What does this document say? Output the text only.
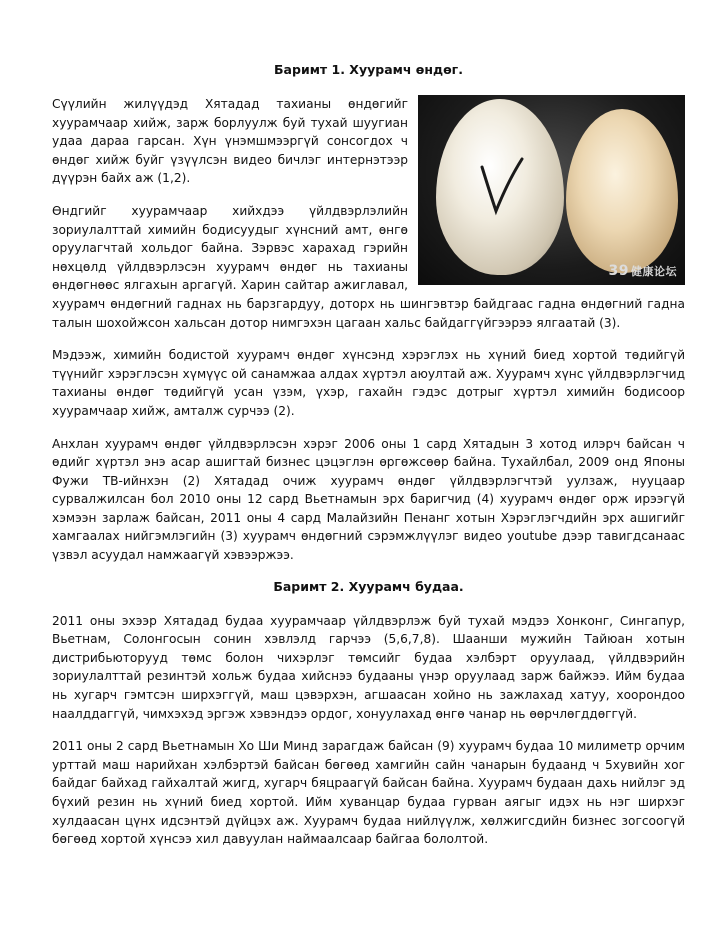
Баримт 1. Хуурамч өндөг.
39 健康论坛

Сүүлийн жилүүдэд Хятадад тахианы өндөгийг хуурамчаар хийж, зарж борлуулж буй тухай шуугиан удаа дараа гарсан. Хүн үнэмшмээргүй сонсогдох ч өндөг хийж буйг үзүүлсэн видео бичлэг интернэтээр дүүрэн байх аж (1,2).

Өндгийг хуурамчаар хийхдээ үйлдвэрлэлийн зориулалттай химийн бодисуудыг хүнсний амт, өнгө оруулагчтай хольдог байна. Зэрвэс харахад гэрийн нөхцөлд үйлдвэрлэсэн хуурамч өндөг нь тахианы өндөгнөөс ялгахын аргагүй. Харин сайтар ажиглавал, хуурамч өндөгний гаднах нь барзгардуу, доторх нь шингэвтэр байдгаас гадна өндөгний гадна талын шохойжсон хальсан дотор нимгэхэн цагаан хальс байдаггүйгээрээ ялгаатай (3).

Мэдээж, химийн бодистой хуурамч өндөг хүнсэнд хэрэглэх нь хүний биед хортой төдийгүй түүнийг хэрэглэсэн хүмүүс ой санамжаа алдах хүртэл аюултай аж. Хуурамч хүнс үйлдвэрлэгчид тахианы өндөг төдийгүй усан үзэм, үхэр, гахайн гэдэс дотрыг хүртэл химийн бодисоор хуурамчаар хийж, амталж сурчээ (2).

Анхлан хуурамч өндөг үйлдвэрлэсэн хэрэг 2006 оны 1 сард Хятадын 3 хотод илэрч байсан ч өдийг хүртэл энэ асар ашигтай бизнес цэцэглэн өргөжсөөр байна. Тухайлбал, 2009 онд Японы Фужи ТВ-ийнхэн (2) Хятадад очиж хуурамч өндөг үйлдвэрлэгчтэй уулзаж, нууцаар сурвалжилсан бол 2010 оны 12 сард Вьетнамын эрх баригчид (4) хуурамч өндөг орж ирээгүй хэмээн зарлаж байсан, 2011 оны 4 сард Малайзийн Пенанг хотын Хэрэглэгчдийн эрх ашигийг хамгаалах нийгэмлэгийн (3) хуурамч өндөгний сэрэмжлүүлэг видео youtube дээр тавигдсанаас үзвэл асуудал намжаагүй хэвээржээ.

Баримт 2. Хуурамч будаа.

2011 оны эхээр Хятадад будаа хуурамчаар үйлдвэрлэж буй тухай мэдээ Хонконг, Сингапур, Вьетнам, Солонгосын сонин хэвлэлд гарчээ (5,6,7,8). Шаанши мужийн Тайюан хотын дистрибьюторууд төмс болон чихэрлэг төмсийг будаа хэлбэрт оруулаад, үйлдвэрийн зориулалттай резинтэй хольж будаа хийснээ будааны үнэр оруулаад зарж байжээ. Ийм будаа нь хугарч гэмтсэн ширхэггүй, маш цэвэрхэн, агшаасан хойно нь зажлахад хатуу, хоорондоо наалддаггүй, чимхэхэд эргэж хэвэндээ ордог, хонуулахад өнгө чанар нь өөрчлөгддөггүй.

2011 оны 2 сард Вьетнамын Хо Ши Минд зарагдаж байсан (9) хуурамч будаа 10 милиметр орчим урттай маш нарийхан хэлбэртэй байсан бөгөөд хамгийн сайн чанарын будаанд ч 5хувийн хог байдаг байхад гайхалтай жигд, хугарч бяцраагүй байсан байна. Хуурамч будаан дахь нийлэг эд бүхий резин нь хүний биед хортой. Ийм хуванцар будаа гурван аягыг идэх нь нэг ширхэг хулдаасан цүнх идсэнтэй дүйцэх аж. Хуурамч будаа нийлүүлж, хөлжигсдийн бизнес зогсоогүй бөгөөд хортой хүнсээ хил давуулан наймаалсаар байгаа бололтой.
